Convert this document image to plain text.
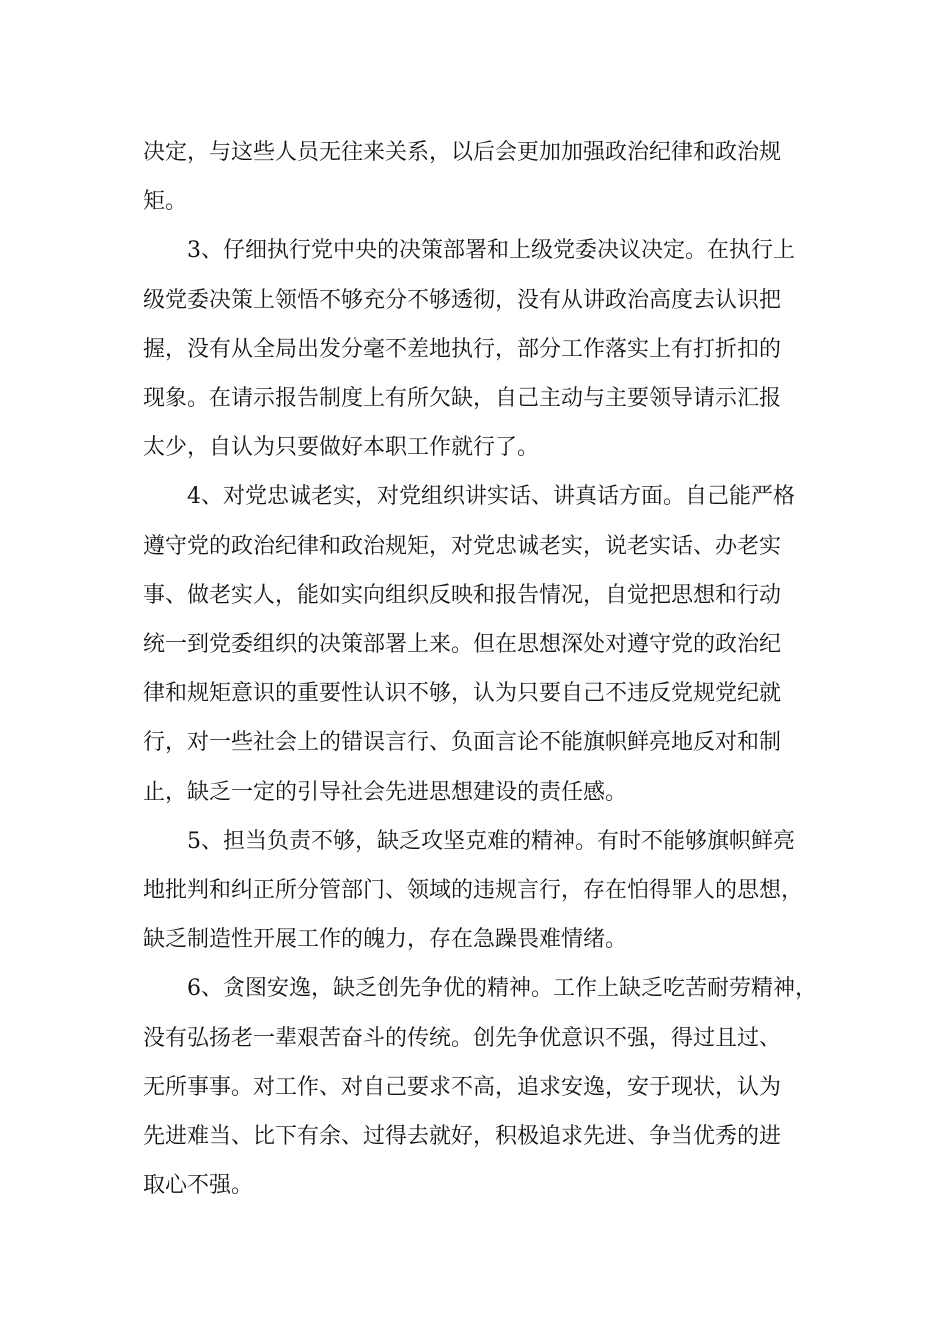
决定，与这些人员无往来关系，以后会更加加强政治纪律和政治规
矩。

3、仔细执行党中央的决策部署和上级党委决议决定。在执行上
级党委决策上领悟不够充分不够透彻，没有从讲政治高度去认识把
握，没有从全局出发分毫不差地执行，部分工作落实上有打折扣的
现象。在请示报告制度上有所欠缺，自己主动与主要领导请示汇报
太少，自认为只要做好本职工作就行了。

4、对党忠诚老实，对党组织讲实话、讲真话方面。自己能严格
遵守党的政治纪律和政治规矩，对党忠诚老实，说老实话、办老实
事、做老实人，能如实向组织反映和报告情况，自觉把思想和行动
统一到党委组织的决策部署上来。但在思想深处对遵守党的政治纪
律和规矩意识的重要性认识不够，认为只要自己不违反党规党纪就
行，对一些社会上的错误言行、负面言论不能旗帜鲜亮地反对和制
止，缺乏一定的引导社会先进思想建设的责任感。

5、担当负责不够，缺乏攻坚克难的精神。有时不能够旗帜鲜亮
地批判和纠正所分管部门、领域的违规言行，存在怕得罪人的思想，
缺乏制造性开展工作的魄力，存在急躁畏难情绪。

6、贪图安逸，缺乏创先争优的精神。工作上缺乏吃苦耐劳精神，
没有弘扬老一辈艰苦奋斗的传统。创先争优意识不强，得过且过、
无所事事。对工作、对自己要求不高，追求安逸，安于现状，认为
先进难当、比下有余、过得去就好，积极追求先进、争当优秀的进
取心不强。
